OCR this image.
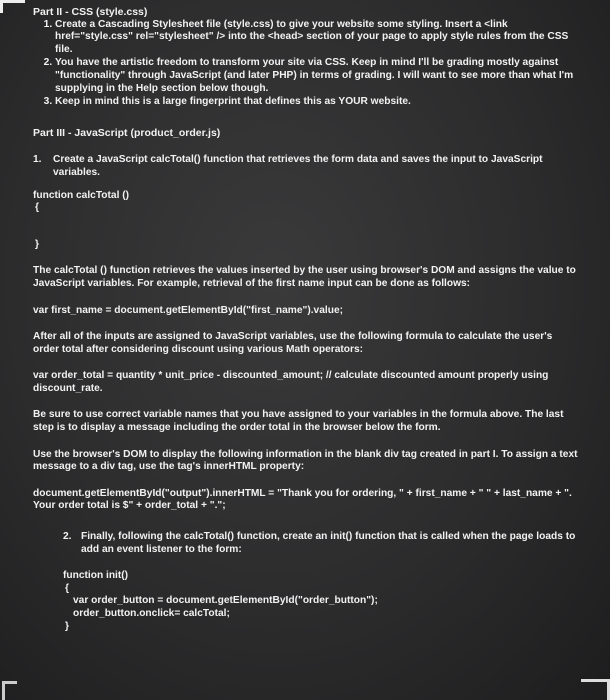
Part II - CSS (style.css)

1. Create a Cascading Stylesheet file (style.css) to give your website some styling. Insert a <link href="style.css" rel="stylesheet" /> into the <head> section of your page to apply style rules from the CSS file.
2. You have the artistic freedom to transform your site via CSS. Keep in mind I'll be grading mostly against "functionality" through JavaScript (and later PHP) in terms of grading. I will want to see more than what I'm supplying in the Help section below though.
3. Keep in mind this is a large fingerprint that defines this as YOUR website.

Part III - JavaScript (product_order.js)

1.	Create a JavaScript calcTotal() function that retrieves the form data and saves the input to JavaScript variables.

function calcTotal ()

{

}

The calcTotal () function retrieves the values inserted by the user using browser's DOM and assigns the value to JavaScript variables. For example, retrieval of the first name input can be done as follows:

var first_name = document.getElementById("first_name").value;

After all of the inputs are assigned to JavaScript variables, use the following formula to calculate the user's order total after considering discount using various Math operators:

var order_total = quantity * unit_price - discounted_amount; // calculate discounted amount properly using discount_rate.

Be sure to use correct variable names that you have assigned to your variables in the formula above. The last step is to display a message including the order total in the browser below the form.

Use the browser's DOM to display the following information in the blank div tag created in part I. To assign a text message to a div tag, use the tag's innerHTML property:

document.getElementById("output").innerHTML = "Thank you for ordering, " + first_name + " " + last_name + ". Your order total is $" + order_total + ".";

2. Finally, following the calcTotal() function, create an init() function that is called when the page loads to add an event listener to the form:

function init()

{

var order_button = document.getElementById("order_button");

order_button.onclick= calcTotal;

}
